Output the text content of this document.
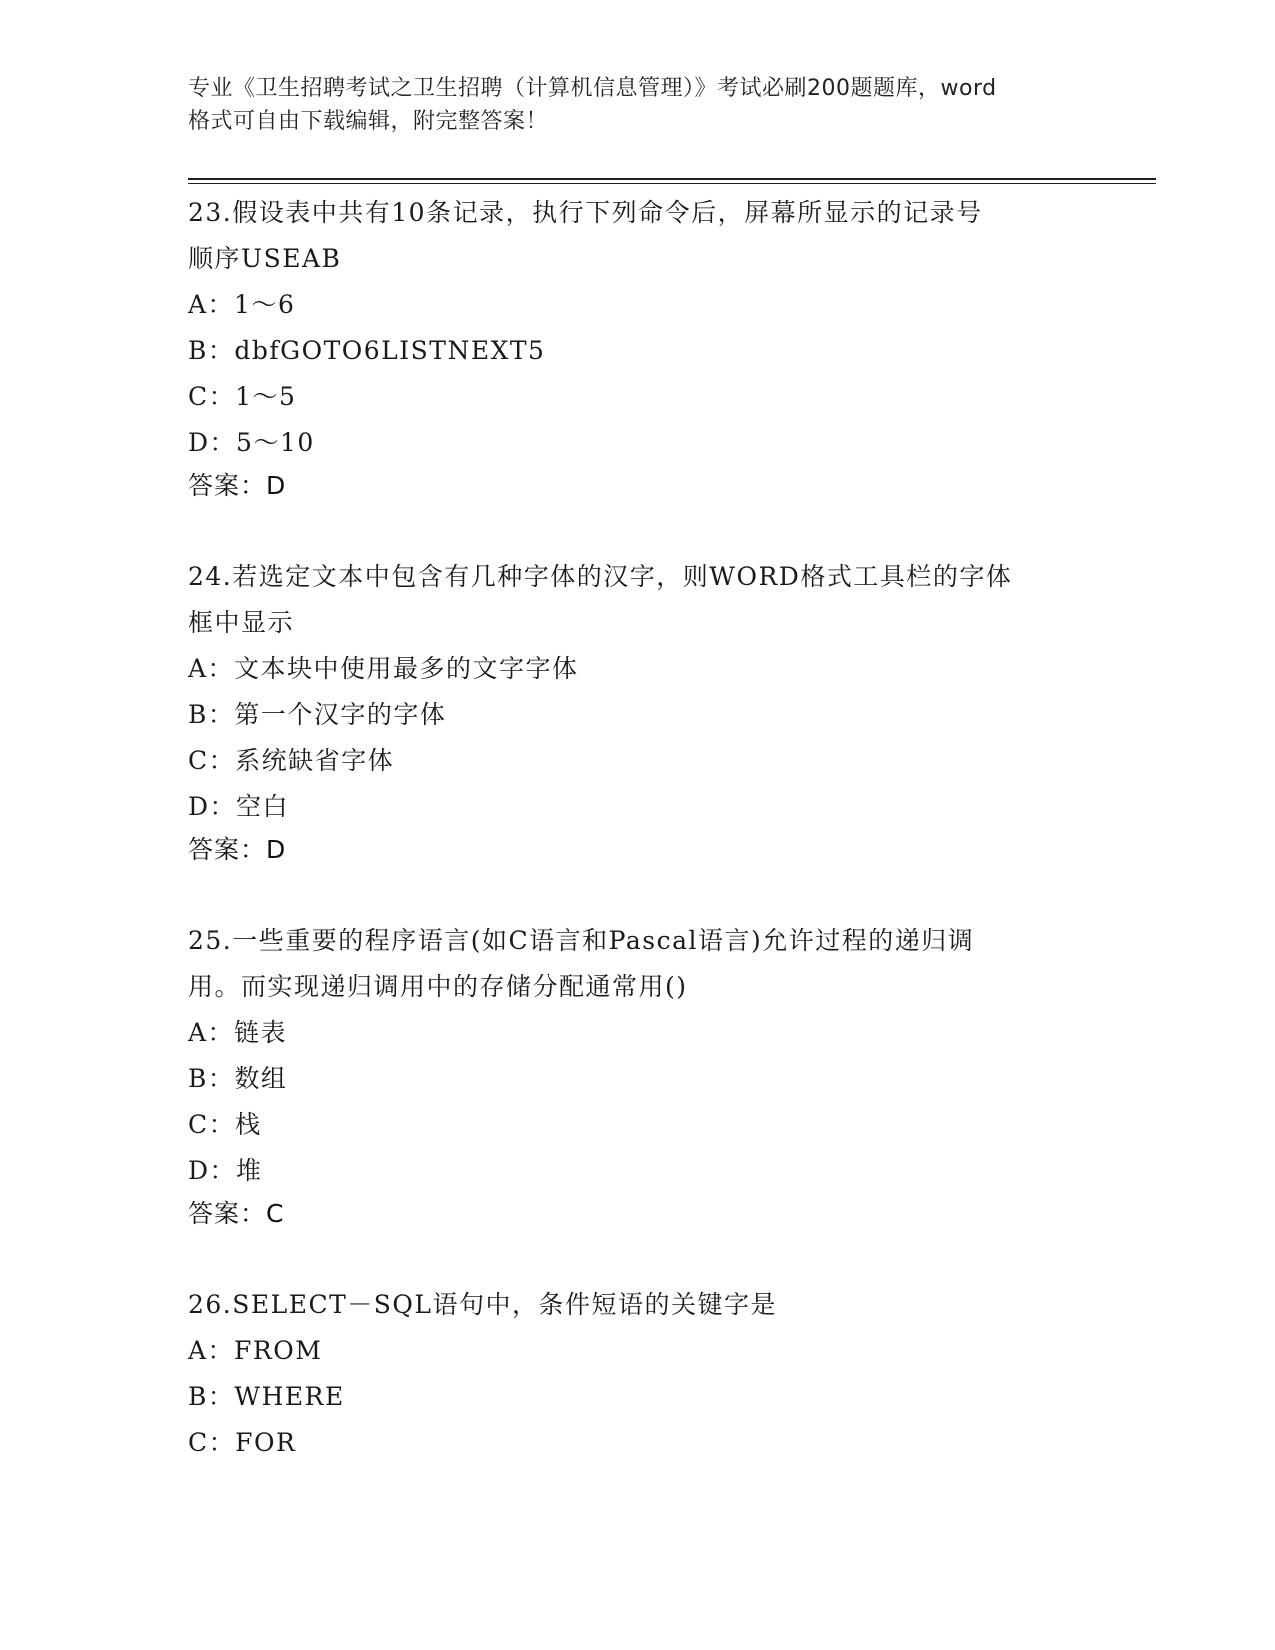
专业《卫生招聘考试之卫生招聘（计算机信息管理）》考试必刷200题题库，word
格式可自由下载编辑，附完整答案！
23.假设表中共有10条记录，执行下列命令后，屏幕所显示的记录号
顺序USEAB
A：1～6
B：dbfGOTO6LISTNEXT5
C：1～5
D：5～10
答案：D
24.若选定文本中包含有几种字体的汉字，则WORD格式工具栏的字体
框中显示
A：文本块中使用最多的文字字体
B：第一个汉字的字体
C：系统缺省字体
D：空白
答案：D
25.一些重要的程序语言(如C语言和Pascal语言)允许过程的递归调
用。而实现递归调用中的存储分配通常用()
A：链表
B：数组
C：栈
D：堆
答案：C
26.SELECT－SQL语句中，条件短语的关键字是
A：FROM
B：WHERE
C：FOR
